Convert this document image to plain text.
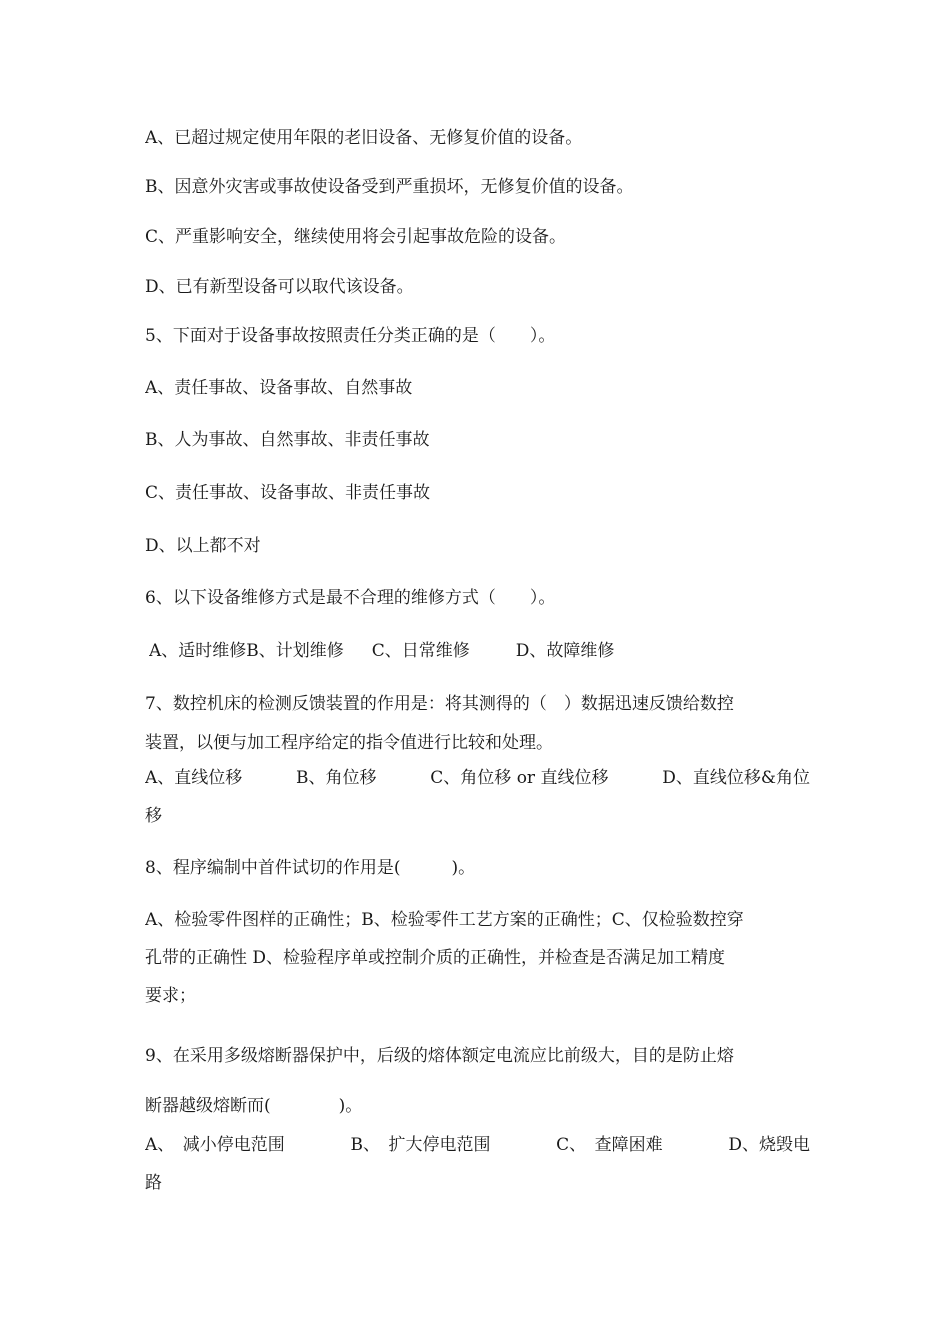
A、已超过规定使用年限的老旧设备、无修复价值的设备。
B、因意外灾害或事故使设备受到严重损坏，无修复价值的设备。
C、严重影响安全，继续使用将会引起事故危险的设备。
D、已有新型设备可以取代该设备。
5、下面对于设备事故按照责任分类正确的是（　　）。
A、责任事故、设备事故、自然事故
B、人为事故、自然事故、非责任事故
C、责任事故、设备事故、非责任事故
D、以上都不对
6、以下设备维修方式是最不合理的维修方式（　　）。
A、适时维修B、计划维修 C、日常维修	D、故障维修
7、数控机床的检测反馈装置的作用是：将其测得的（　）数据迅速反馈给数控
装置，以便与加工程序给定的指令值进行比较和处理。
A、直线位移	B、角位移	C、角位移 or 直线位移	D、直线位移&角位
移
8、程序编制中首件试切的作用是(　　　)。
A、检验零件图样的正确性；B、检验零件工艺方案的正确性；C、仅检验数控穿
孔带的正确性 D、检验程序单或控制介质的正确性，并检查是否满足加工精度
要求；
9、在采用多级熔断器保护中，后级的熔体额定电流应比前级大，目的是防止熔
断器越级熔断而(　　　　)。
A、　减小停电范围	B、　扩大停电范围	C、　查障困难	D、烧毁电
路
